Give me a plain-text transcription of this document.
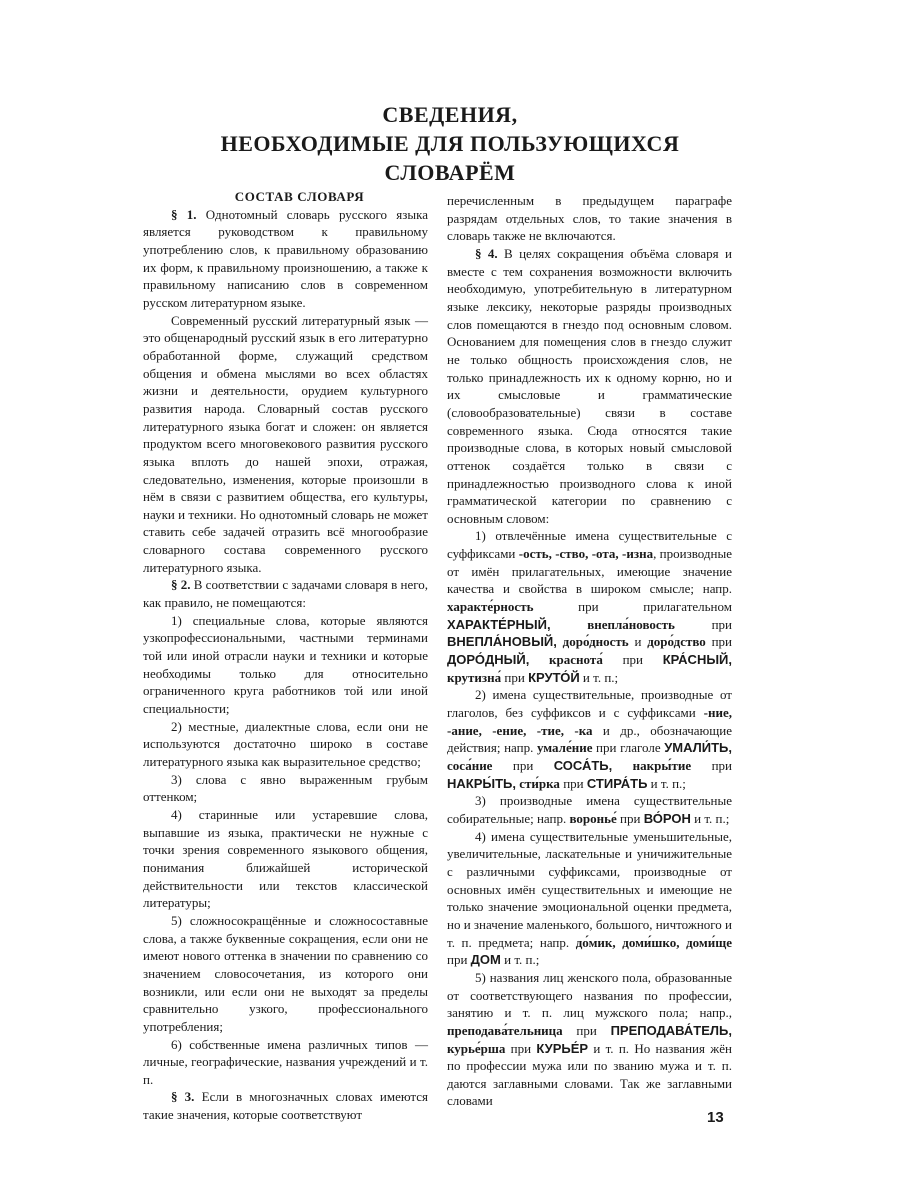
СВЕДЕНИЯ,
НЕОБХОДИМЫЕ ДЛЯ ПОЛЬЗУЮЩИХСЯ
СЛОВАРЁМ

СОСТАВ СЛОВАРЯ

§ 1. Однотомный словарь русского языка является руководством к правильному употреблению слов, к правильному образованию их форм, к правильному произношению, а также к правильному написанию слов в современном русском литературном языке.

Современный русский литературный язык — это общенародный русский язык в его литературно обработанной форме, служащий средством общения и обмена мыслями во всех областях жизни и деятельности, орудием культурного развития народа. Словарный состав русского литературного языка богат и сложен: он является продуктом всего многовекового развития русского языка вплоть до нашей эпохи, отражая, следовательно, изменения, которые произошли в нём в связи с развитием общества, его культуры, науки и техники. Но однотомный словарь не может ставить себе задачей отразить всё многообразие словарного состава современного русского литературного языка.

§ 2. В соответствии с задачами словаря в него, как правило, не помещаются:

1) специальные слова, которые являются узкопрофессиональными, частными терминами той или иной отрасли науки и техники и которые необходимы только для относительно ограниченного круга работников той или иной специальности;

2) местные, диалектные слова, если они не используются достаточно широко в составе литературного языка как выразительное средство;

3) слова с явно выраженным грубым оттенком;

4) старинные или устаревшие слова, выпавшие из языка, практически не нужные с точки зрения современного языкового общения, понимания ближайшей исторической действительности или текстов классической литературы;

5) сложносокращённые и сложносоставные слова, а также буквенные сокращения, если они не имеют нового оттенка в значении по сравнению со значением словосочетания, из которого они возникли, или если они не выходят за пределы сравнительно узкого, профессионального употребления;

6) собственные имена различных типов — личные, географические, названия учреждений и т. п.

§ 3. Если в многозначных словах имеются такие значения, которые соответствуют

перечисленным в предыдущем параграфе разрядам отдельных слов, то такие значения в словарь также не включаются.

§ 4. В целях сокращения объёма словаря и вместе с тем сохранения возможности включить необходимую, употребительную в литературном языке лексику, некоторые разряды производных слов помещаются в гнездо под основным словом. Основанием для помещения слов в гнездо служит не только общность происхождения слов, не только принадлежность их к одному корню, но и их смысловые и грамматические (словообразовательные) связи в составе современного языка. Сюда относятся такие производные слова, в которых новый смысловой оттенок создаётся только в связи с принадлежностью производного слова к иной грамматической категории по сравнению с основным словом:

1) отвлечённые имена существительные с суффиксами -ость, -ство, -ота, -изна, производные от имён прилагательных, имеющие значение качества и свойства в широком смысле; напр. характе́рность при прилагательном ХАРАКТЕ́РНЫЙ,	внепла́новость при ВНЕПЛА́НОВЫЙ, доро́дность и доро́дство при ДОРО́ДНЫЙ, краснота́ при КРА́СНЫЙ, крутизна́ при КРУТО́Й и т. п.;

2) имена существительные, производные от глаголов, без суффиксов и с суффиксами -ние, -ание, -ение, -тие, -ка и др., обозначающие действия; напр. умале́ние при глаголе УМАЛИ́ТЬ, соса́ние при СОСА́ТЬ, накры́тие при НАКРЫ́ТЬ, сти́рка при СТИРА́ТЬ и т. п.;

3) производные имена существительные собирательные; напр. воронье́ при ВО́РОН и т. п.;

4) имена существительные уменьшительные, увеличительные, ласкательные и уничижительные с различными суффиксами, производные от основных имён существительных и имеющие не только значение эмоциональной оценки предмета, но и значение маленького, большого, ничтожного и т. п. предмета; напр. до́мик, доми́шко, доми́ще при ДОМ и т. п.;

5) названия лиц женского пола, образованные от соответствующего названия по профессии, занятию и т. п. лиц мужского пола; напр., преподава́тельница при ПРЕПОДАВА́ТЕЛЬ, курье́рша при КУРЬЕ́Р и т. п. Но названия жён по профессии мужа или по званию мужа и т. п. даются заглавными словами. Так же заглавными словами

13
